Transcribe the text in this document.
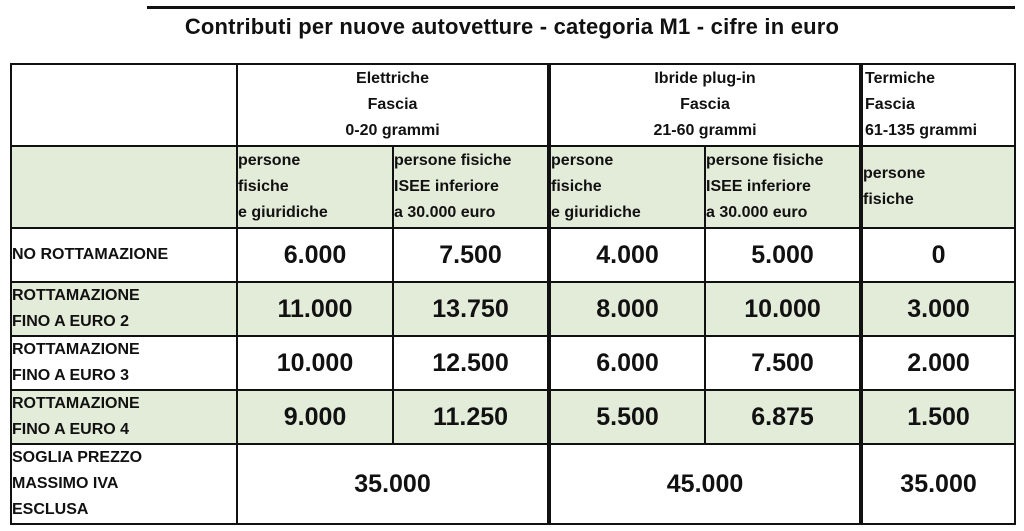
Contributi per nuove autovetture - categoria M1 - cifre in euro

	Elettriche
Fascia
0-20 grammi		Ibride plug-in
Fascia
21-60 grammi		Termiche
Fascia
61-135 grammi

	persone
fisiche
e giuridiche	persone fisiche
ISEE inferiore
a 30.000 euro	persone
fisiche
e giuridiche	persone fisiche
ISEE inferiore
a 30.000 euro	persone
fisiche

NO ROTTAMAZIONE	6.000	7.500	4.000	5.000	0

ROTTAMAZIONE
FINO A EURO 2	11.000	13.750	8.000	10.000	3.000

ROTTAMAZIONE
FINO A EURO 3	10.000	12.500	6.000	7.500	2.000

ROTTAMAZIONE
FINO A EURO 4	9.000	11.250	5.500	6.875	1.500

SOGLIA PREZZO
MASSIMO IVA
ESCLUSA	35.000		45.000		35.000
